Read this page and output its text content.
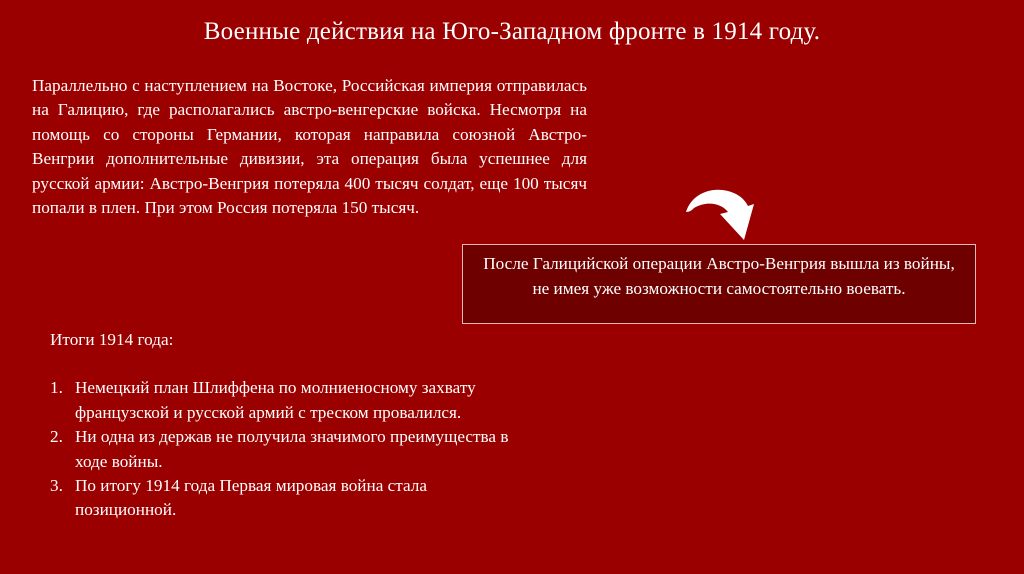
Военные действия на Юго-Западном фронте в 1914 году.

Параллельно с наступлением на Востоке, Российская империя отправилась на Галицию, где располагались австро-венгерские войска. Несмотря на помощь со стороны Германии, которая направила союзной Австро-Венгрии дополнительные дивизии, эта операция была успешнее для русской армии: Австро-Венгрия потеряла 400 тысяч солдат, еще 100 тысяч попали в плен. При этом Россия потеряла 150 тысяч.

После Галицийской операции Австро-Венгрия вышла из войны, не имея уже возможности самостоятельно воевать.

Итоги 1914 года:

1. Немецкий план Шлиффена по молниеносному захвату французской и русской армий с треском провалился.
2. Ни одна из держав не получила значимого преимущества в ходе войны.
3. По итогу 1914 года Первая мировая война стала позиционной.
